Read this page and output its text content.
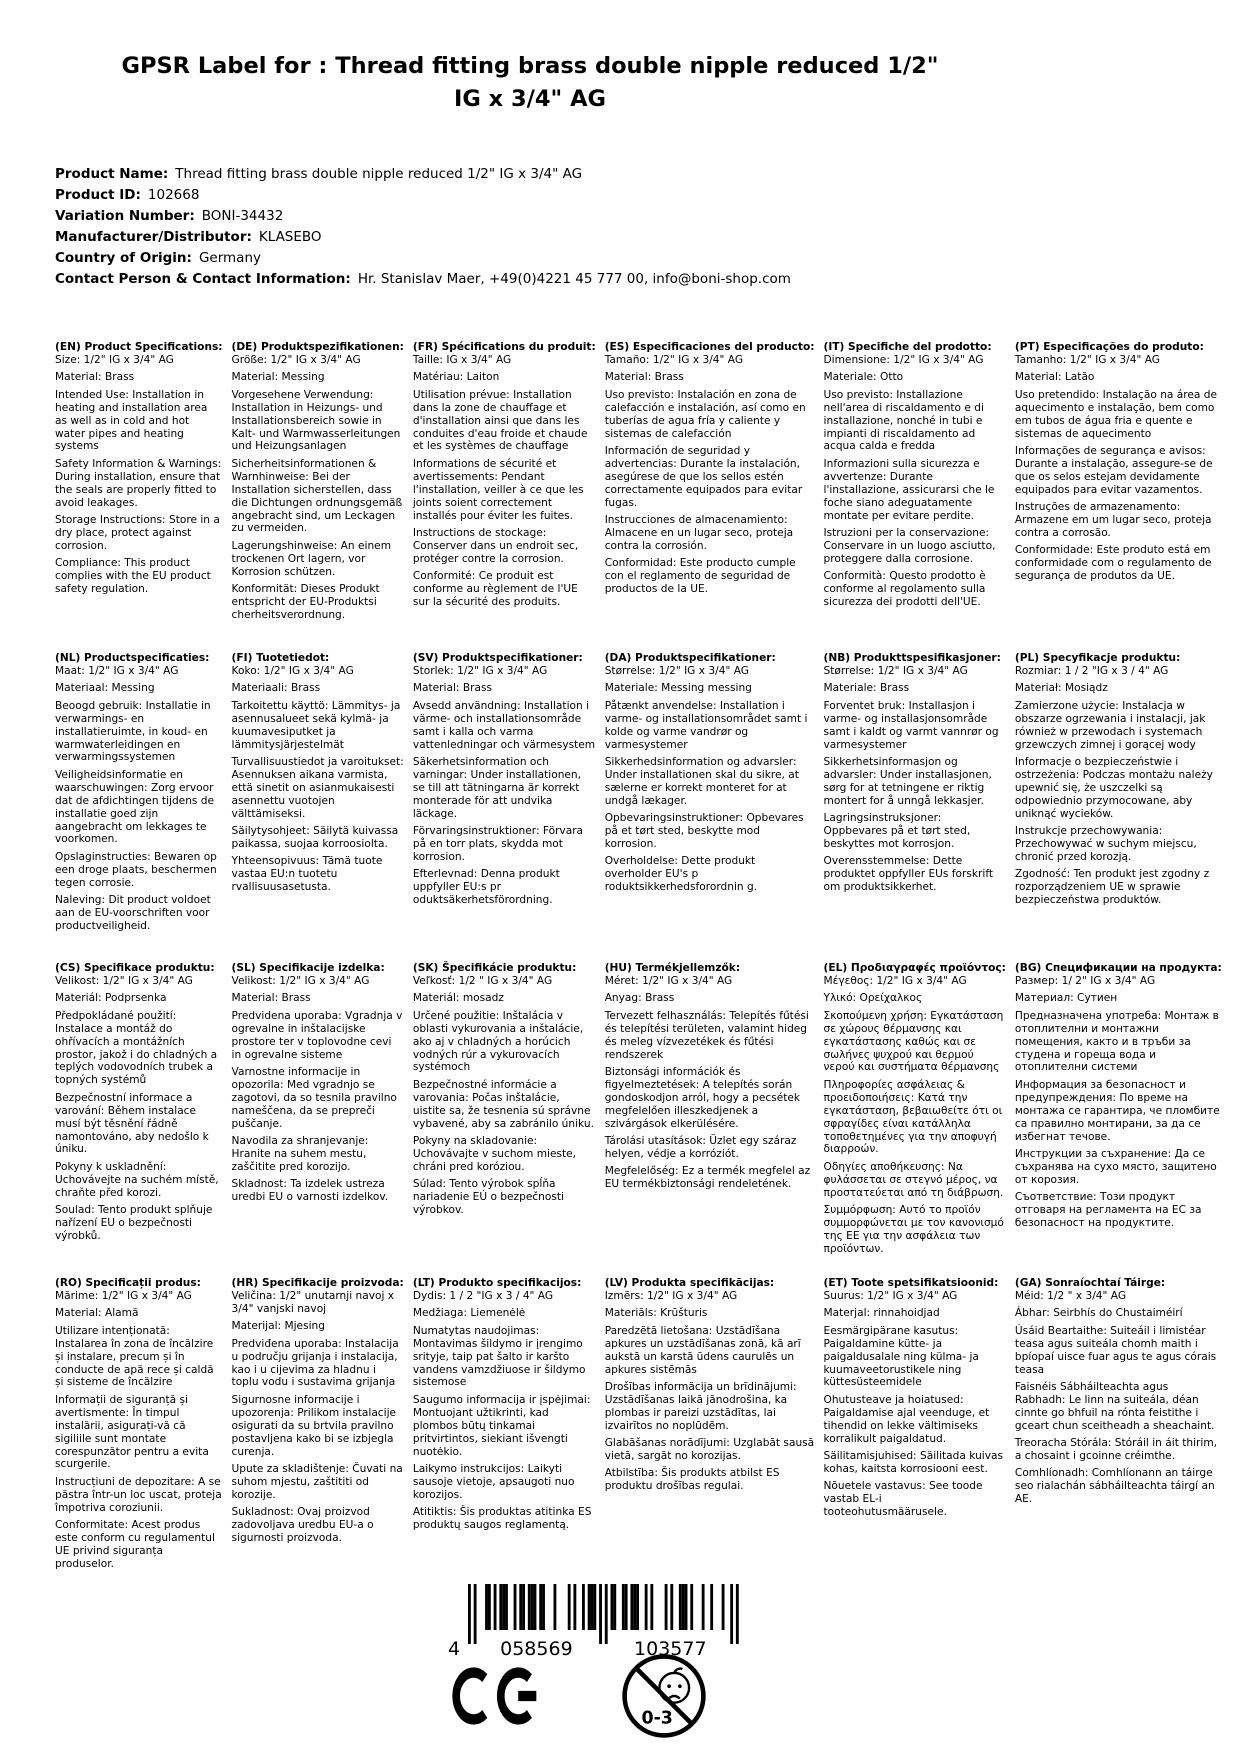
GPSR Label for : Thread fitting brass double nipple reduced 1/2" IG x 3/4" AG
Product Name: Thread fitting brass double nipple reduced 1/2" IG x 3/4" AG
Product ID: 102668
Variation Number: BONI-34432
Manufacturer/Distributor: KLASEBO
Country of Origin: Germany
Contact Person & Contact Information: Hr. Stanislav Maer, +49(0)4221 45 777 00, info@boni-shop.com
(EN) Product Specifications:

Size: 1/2" IG x 3/4" AG

Material: Brass

Intended Use: Installation in heating and installation area as well as in cold and hot water pipes and heating systems

Safety Information & Warnings: During installation, ensure that the seals are properly fitted to avoid leakages.

Storage Instructions: Store in a dry place, protect against corrosion.

Compliance: This product complies with the EU product safety regulation.

(DE) Produktspezifikationen:

Größe: 1/2" IG x 3/4" AG

Material: Messing

Vorgesehene Verwendung: Installation in Heizungs- und Installationsbereich sowie in Kalt- und Warmwasserleitungen und Heizungsanlagen

Sicherheitsinformationen & Warnhinweise: Bei der Installation sicherstellen, dass die Dichtungen ordnungsgemäß angebracht sind, um Leckagen zu vermeiden.

Lagerungshinweise: An einem trockenen Ort lagern, vor Korrosion schützen.

Konformität: Dieses Produkt entspricht der EU-Produktsi cherheitsverordnung.

(FR) Spécifications du produit:

Taille: IG x 3/4" AG

Matériau: Laiton

Utilisation prévue: Installation dans la zone de chauffage et d'installation ainsi que dans les conduites d'eau froide et chaude et les systèmes de chauffage

Informations de sécurité et avertissements: Pendant l'installation, veiller à ce que les joints soient correctement installés pour éviter les fuites.

Instructions de stockage: Conserver dans un endroit sec, protéger contre la corrosion.

Conformité: Ce produit est conforme au règlement de l'UE sur la sécurité des produits.

(ES) Especificaciones del producto:

Tamaño: 1/2" IG x 3/4" AG

Material: Brass

Uso previsto: Instalación en zona de calefacción e instalación, así como en tuberías de agua fría y caliente y sistemas de calefacción

Información de seguridad y advertencias: Durante la instalación, asegúrese de que los sellos estén correctamente equipados para evitar fugas.

Instrucciones de almacenamiento: Almacene en un lugar seco, proteja contra la corrosión.

Conformidad: Este producto cumple con el reglamento de seguridad de productos de la UE.

(IT) Specifiche del prodotto:

Dimensione: 1/2" IG x 3/4" AG

Materiale: Otto

Uso previsto: Installazione nell'area di riscaldamento e di installazione, nonché in tubi e impianti di riscaldamento ad acqua calda e fredda

Informazioni sulla sicurezza e avvertenze: Durante l'installazione, assicurarsi che le foche siano adeguatamente montate per evitare perdite.

Istruzioni per la conservazione: Conservare in un luogo asciutto, proteggere dalla corrosione.

Conformità: Questo prodotto è conforme al regolamento sulla sicurezza dei prodotti dell'UE.

(PT) Especificações do produto:

Tamanho: 1/2" IG x 3/4" AG

Material: Latão

Uso pretendido: Instalação na área de aquecimento e instalação, bem como em tubos de água fria e quente e sistemas de aquecimento

Informações de segurança e avisos: Durante a instalação, assegure-se de que os selos estejam devidamente equipados para evitar vazamentos.

Instruções de armazenamento: Armazene em um lugar seco, proteja contra a corrosão.

Conformidade: Este produto está em conformidade com o regulamento de segurança de produtos da UE.

(NL) Productspecificaties:

Maat: 1/2" IG x 3/4" AG

Materiaal: Messing

Beoogd gebruik: Installatie in verwarmings- en installatieruimte, in koud- en warmwaterleidingen en verwarmingssystemen

Veiligheidsinformatie en waarschuwingen: Zorg ervoor dat de afdichtingen tijdens de installatie goed zijn aangebracht om lekkages te voorkomen.

Opslaginstructies: Bewaren op een droge plaats, beschermen tegen corrosie.

Naleving: Dit product voldoet aan de EU-voorschriften voor productveiligheid.

(FI) Tuotetiedot:

Koko: 1/2" IG x 3/4" AG

Materiaali: Brass

Tarkoitettu käyttö: Lämmitys- ja asennusalueet sekä kylmä- ja kuumavesiputket ja lämmitysjärjestelmät

Turvallisuustiedot ja varoitukset: Asennuksen aikana varmista, että sinetit on asianmukaisesti asennettu vuotojen välttämiseksi.

Säilytysohjeet: Säilytä kuivassa paikassa, suojaa korroosiolta.

Yhteensopivuus: Tämä tuote vastaa EU:n tuotetu rvallisuusasetusta.

(SV) Produktspecifikationer:

Storlek: 1/2" IG x 3/4" AG

Material: Brass

Avsedd användning: Installation i värme- och installationsområde samt i kalla och varma vattenledningar och värmesystem

Säkerhetsinformation och varningar: Under installationen, se till att tätningarna är korrekt monterade för att undvika läckage.

Förvaringsinstruktioner: Förvara på en torr plats, skydda mot korrosion.

Efterlevnad: Denna produkt uppfyller EU:s pr oduktsäkerhetsförordning.

(DA) Produktspecifikationer:

Størrelse: 1/2" IG x 3/4" AG

Materiale: Messing messing

Påtænkt anvendelse: Installation i varme- og installationsområdet samt i kolde og varme vandrør og varmesystemer

Sikkerhedsinformation og advarsler: Under installationen skal du sikre, at sælerne er korrekt monteret for at undgå lækager.

Opbevaringsinstruktioner: Opbevares på et tørt sted, beskytte mod korrosion.

Overholdelse: Dette produkt overholder EU's p roduktsikkerhedsforordnin g.

(NB) Produkttspesifikasjoner:

Størrelse: 1/2" IG x 3/4" AG

Materiale: Brass

Forventet bruk: Installasjon i varme- og installasjonsområde samt i kaldt og varmt vannrør og varmesystemer

Sikkerhetsinformasjon og advarsler: Under installasjonen, sørg for at tetningene er riktig montert for å unngå lekkasjer.

Lagringsinstruksjoner: Oppbevares på et tørt sted, beskyttes mot korrosjon.

Overensstemmelse: Dette produktet oppfyller EUs forskrift om produktsikkerhet.

(PL) Specyfikacje produktu:

Rozmiar: 1 / 2 "IG x 3 / 4" AG

Materiał: Mosiądz

Zamierzone użycie: Instalacja w obszarze ogrzewania i instalacji, jak również w przewodach i systemach grzewczych zimnej i gorącej wody

Informacje o bezpieczeństwie i ostrzeżenia: Podczas montażu należy upewnić się, że uszczelki są odpowiednio przymocowane, aby uniknąć wycieków.

Instrukcje przechowywania: Przechowywać w suchym miejscu, chronić przed korozją.

Zgodność: Ten produkt jest zgodny z rozporządzeniem UE w sprawie bezpieczeństwa produktów.

(CS) Specifikace produktu:

Velikost: 1/2" IG x 3/4" AG

Materiál: Podprsenka

Předpokládané použití: Instalace a montáž do ohřívacích a montážních prostor, jakož i do chladných a teplých vodovodních trubek a topných systémů

Bezpečnostní informace a varování: Během instalace musí být těsnění řádně namontováno, aby nedošlo k úniku.

Pokyny k uskladnění: Uchovávejte na suchém místě, chraňte před korozi.

Soulad: Tento produkt splňuje nařízení EU o bezpečnosti výrobků.

(SL) Specifikacije izdelka:

Velikost: 1/2" IG x 3/4" AG

Material: Brass

Predvidena uporaba: Vgradnja v ogrevalne in inštalacijske prostore ter v toplovodne cevi in ogrevalne sisteme

Varnostne informacije in opozorila: Med vgradnjo se zagotovi, da so tesnila pravilno nameščena, da se prepreči puščanje.

Navodila za shranjevanje: Hranite na suhem mestu, zaščitite pred korozijo.

Skladnost: Ta izdelek ustreza uredbi EU o varnosti izdelkov.

(SK) Špecifikácie produktu:

Veľkosť: 1/2 " IG x 3/4" AG

Materiál: mosadz

Určené použitie: Inštalácia v oblasti vykurovania a inštalácie, ako aj v chladných a horúcich vodných rúr a vykurovacích systémoch

Bezpečnostné informácie a varovania: Počas inštalácie, uistite sa, že tesnenia sú správne vybavené, aby sa zabránilo úniku.

Pokyny na skladovanie: Uchovávajte v suchom mieste, chráni pred koróziou.

Súlad: Tento výrobok spĺňa nariadenie EÚ o bezpečnosti výrobkov.

(HU) Termékjellemzők:

Méret: 1/2" IG x 3/4" AG

Anyag: Brass

Tervezett felhasználás: Telepítés fűtési és telepítési területen, valamint hideg és meleg vízvezetékek és fűtési rendszerek

Biztonsági információk és figyelmeztetések: A telepítés során gondoskodjon arról, hogy a pecsétek megfelelően illeszkedjenek a szivárgások elkerülésére.

Tárolási utasítások: Üzlet egy száraz helyen, védje a korróziót.

Megfelelőség: Ez a termék megfelel az EU termékbiztonsági rendeletének.

(EL) Προδιαγραφές προϊόντος:

Μέγεθος: 1/2" IG x 3/4" AG

Υλικό: Ορείχαλκος

Σκοπούμενη χρήση: Εγκατάσταση σε χώρους θέρμανσης και εγκατάστασης καθώς και σε σωλήνες ψυχρού και θερμού νερού και συστήματα θέρμανσης

Πληροφορίες ασφάλειας & προειδοποιήσεις: Κατά την εγκατάσταση, βεβαιωθείτε ότι οι σφραγίδες είναι κατάλληλα τοποθετημένες για την αποφυγή διαρροών.

Οδηγίες αποθήκευσης: Να φυλάσσεται σε στεγνό μέρος, να προστατεύεται από τη διάβρωση.

Συμμόρφωση: Αυτό το προϊόν συμμορφώνεται με τον κανονισμό της ΕΕ για την ασφάλεια των προϊόντων.

(BG) Спецификации на продукта:

Размер: 1/ 2" IG x 3/4" AG

Материал: Сутиен

Предназначена употреба: Монтаж в отоплителни и монтажни помещения, както и в тръби за студена и гореща вода и отоплителни системи

Информация за безопасност и предупреждения: По време на монтажа се гарантира, че пломбите са правилно монтирани, за да се избегнат течове.

Инструкции за съхранение: Да се съхранява на сухо място, защитено от корозия.

Съответствие: Този продукт отговаря на регламента на ЕС за безопасност на продуктите.

(RO) Specificații produs:

Mărime: 1/2" IG x 3/4" AG

Material: Alamă

Utilizare intenționată: Instalarea în zona de încălzire și instalare, precum și în conducte de apă rece și caldă și sisteme de încălzire

Informații de siguranță și avertismente: În timpul instalării, asigurați-vă că sigiliile sunt montate corespunzător pentru a evita scurgerile.

Instrucțiuni de depozitare: A se păstra într-un loc uscat, proteja împotriva coroziunii.

Conformitate: Acest produs este conform cu regulamentul UE privind siguranța produselor.

(HR) Specifikacije proizvoda:

Veličina: 1/2" unutarnji navoj x 3/4" vanjski navoj

Materijal: Mjesing

Predviđena uporaba: Instalacija u području grijanja i instalacija, kao i u cijevima za hladnu i toplu vodu i sustavima grijanja

Sigurnosne informacije i upozorenja: Prilikom instalacije osigurati da su brtvila pravilno postavljena kako bi se izbjegla curenja.

Upute za skladištenje: Čuvati na suhom mjestu, zaštititi od korozije.

Sukladnost: Ovaj proizvod zadovoljava uredbu EU-a o sigurnosti proizvoda.

(LT) Produkto specifikacijos:

Dydis: 1 / 2 "IG x 3 / 4" AG

Medžiaga: Liemenėlė

Numatytas naudojimas: Montavimas šildymo ir įrengimo srityje, taip pat šalto ir karšto vandens vamzdžiuose ir šildymo sistemose

Saugumo informacija ir įspėjimai: Montuojant užtikrinti, kad plombos būtų tinkamai pritvirtintos, siekiant išvengti nuotėkio.

Laikymo instrukcijos: Laikyti sausoje vietoje, apsaugoti nuo korozijos.

Atitiktis: Šis produktas atitinka ES produktų saugos reglamentą.

(LV) Produkta specifikācijas:

Izmērs: 1/2" IG x 3/4" AG

Materiāls: Krūšturis

Paredzētā lietošana: Uzstādīšana apkures un uzstādīšanas zonā, kā arī aukstā un karstā ūdens caurulēs un apkures sistēmās

Drošības informācija un brīdinājumi: Uzstādīšanas laikā jānodrošina, ka plombas ir pareizi uzstādītas, lai izvairītos no noplūdēm.

Glabāšanas norādījumi: Uzglabāt sausā vietā, sargāt no korozijas.

Atbilstība: Šis produkts atbilst ES produktu drošības regulai.

(ET) Toote spetsifikatsioonid:

Suurus: 1/2" IG x 3/4" AG

Materjal: rinnahoidjad

Eesmärgipärane kasutus: Paigaldamine kütte- ja paigaldusalale ning külma- ja kuumaveetorustikele ning küttesüsteemidele

Ohutusteave ja hoiatused: Paigaldamise ajal veenduge, et tihendid on lekke vältimiseks korralikult paigaldatud.

Säilitamisjuhised: Säilitada kuivas kohas, kaitsta korrosiooni eest.

Nõuetele vastavus: See toode vastab EL-i tooteohutusmäärusele.

(GA) Sonraíochtaí Táirge:

Méid: 1/2 " x 3/4" AG

Ábhar: Seirbhís do Chustaiméirí

Úsáid Beartaithe: Suiteáil i limistéar teasa agus suiteála chomh maith i bpíopaí uisce fuar agus te agus córais teasa

Faisnéis Sábháilteachta agus Rabhadh: Le linn na suiteála, déan cinnte go bhfuil na rónta feistithe i gceart chun sceitheadh a sheachaint.

Treoracha Stórála: Stóráil in áit thirim, a chosaint i gcoinne créimthe.

Comhlíonadh: Comhlíonann an táirge seo rialachán sábháilteachta táirgí an AE.

4 058569	103577
0-3
